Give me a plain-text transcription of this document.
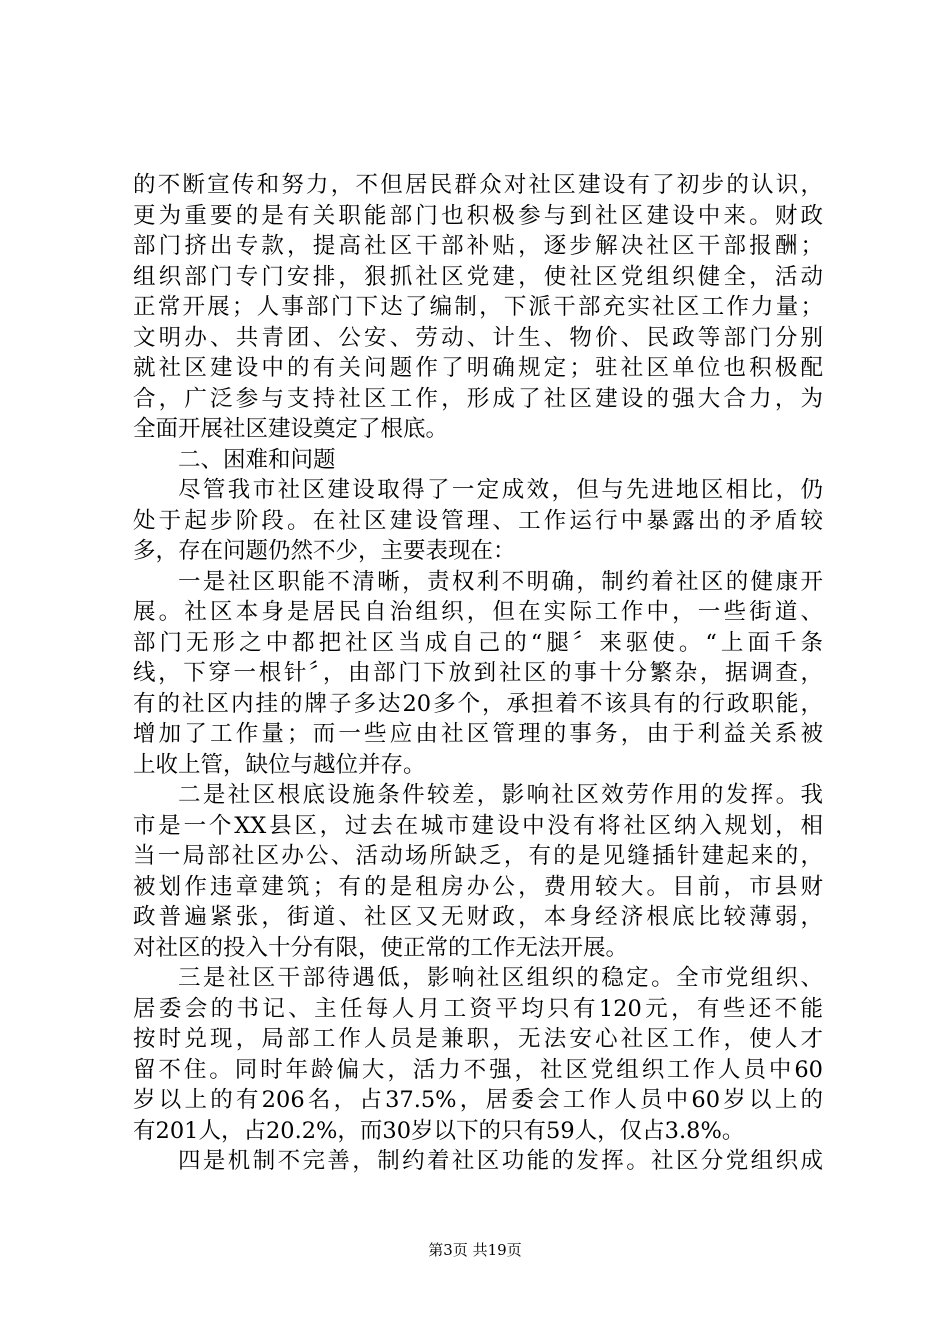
的不断宣传和努力，不但居民群众对社区建设有了初步的认识，
更为重要的是有关职能部门也积极参与到社区建设中来。财政
部门挤出专款，提高社区干部补贴，逐步解决社区干部报酬；
组织部门专门安排，狠抓社区党建，使社区党组织健全，活动
正常开展；人事部门下达了编制，下派干部充实社区工作力量；
文明办、共青团、公安、劳动、计生、物价、民政等部门分别
就社区建设中的有关问题作了明确规定；驻社区单位也积极配
合，广泛参与支持社区工作，形成了社区建设的强大合力，为
全面开展社区建设奠定了根底。
二、困难和问题
尽管我市社区建设取得了一定成效，但与先进地区相比，仍
处于起步阶段。在社区建设管理、工作运行中暴露出的矛盾较
多，存在问题仍然不少，主要表现在：
一是社区职能不清晰，责权利不明确，制约着社区的健康开
展。社区本身是居民自治组织，但在实际工作中，一些街道、
部门无形之中都把社区当成自己的“腿〞来驱使。“上面千条
线，下穿一根针〞，由部门下放到社区的事十分繁杂，据调查，
有的社区内挂的牌子多达20多个，承担着不该具有的行政职能，
增加了工作量；而一些应由社区管理的事务，由于利益关系被
上收上管，缺位与越位并存。
二是社区根底设施条件较差，影响社区效劳作用的发挥。我
市是一个XX县区，过去在城市建设中没有将社区纳入规划，相
当一局部社区办公、活动场所缺乏，有的是见缝插针建起来的，
被划作违章建筑；有的是租房办公，费用较大。目前，市县财
政普遍紧张，街道、社区又无财政，本身经济根底比较薄弱，
对社区的投入十分有限，使正常的工作无法开展。
三是社区干部待遇低，影响社区组织的稳定。全市党组织、
居委会的书记、主任每人月工资平均只有120元，有些还不能
按时兑现，局部工作人员是兼职，无法安心社区工作，使人才
留不住。同时年龄偏大，活力不强，社区党组织工作人员中60
岁以上的有206名，占37.5%，居委会工作人员中60岁以上的
有201人，占20.2%，而30岁以下的只有59人，仅占3.8%。
四是机制不完善，制约着社区功能的发挥。社区分党组织成
第3页 共19页
